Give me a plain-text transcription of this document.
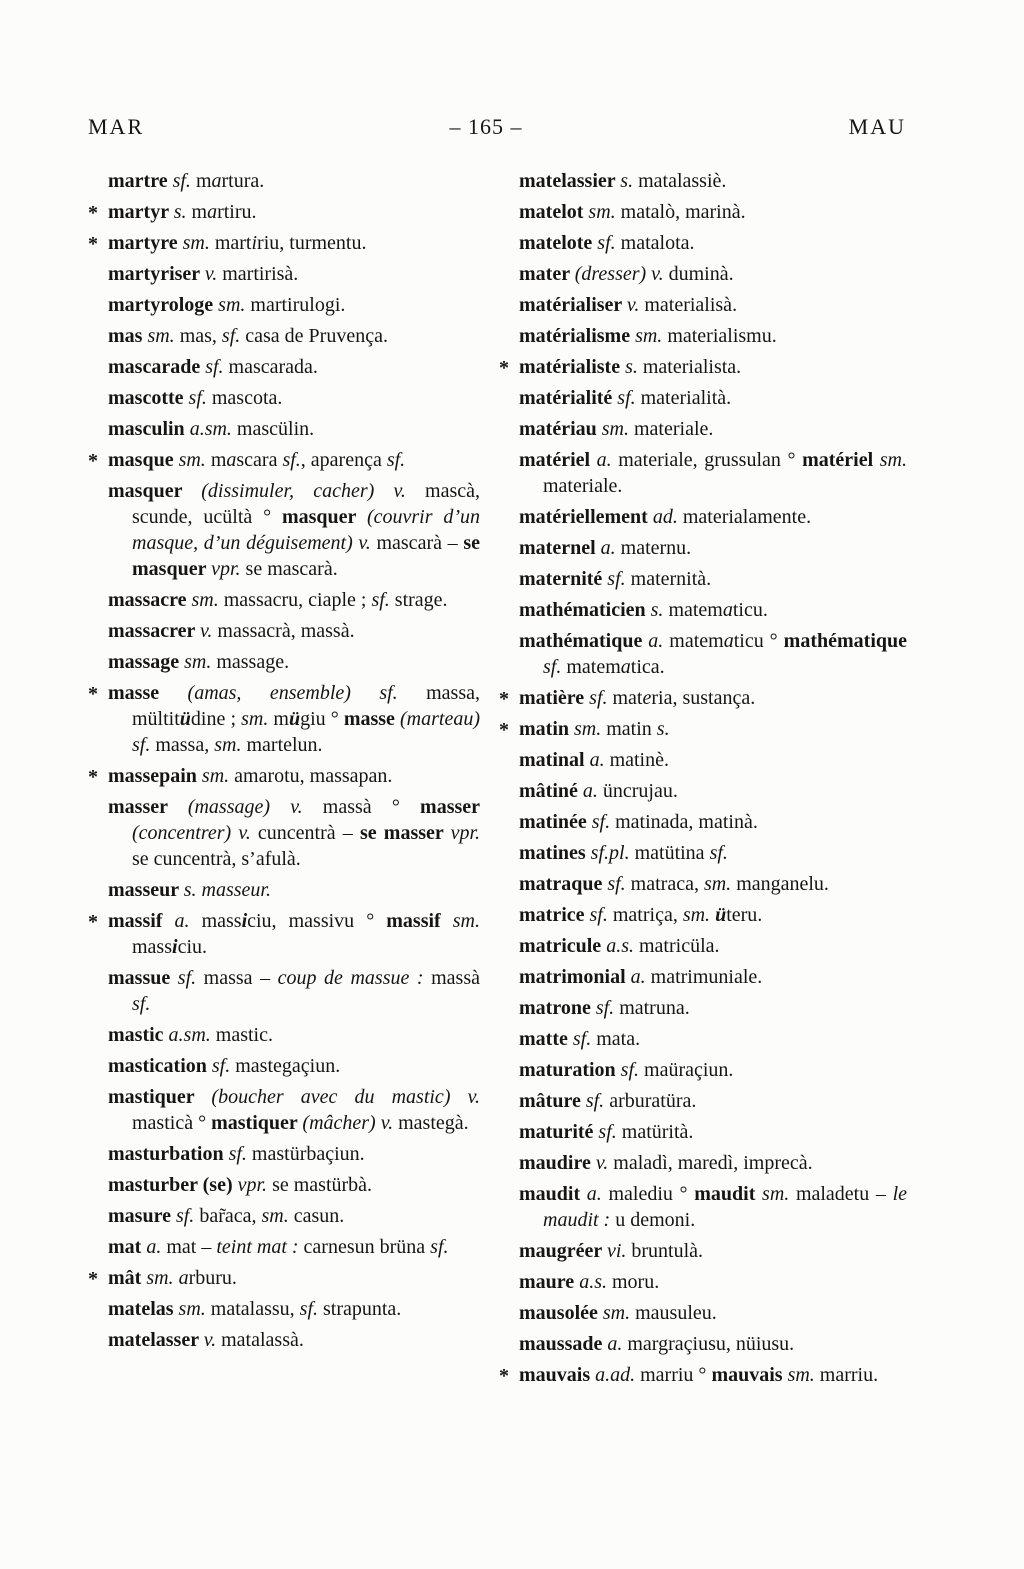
MAR	– 165 –	MAU
martre sf. martura.
* martyr s. martiru.
* martyre sm. martiriu, turmentu.
martyriser v. martirisà.
martyrologe sm. martirulogi.
mas sm. mas, sf. casa de Pruvença.
mascarade sf. mascarada.
mascotte sf. mascota.
masculin a.sm. mascülin.
* masque sm. mascara sf., aparença sf.
masquer (dissimuler, cacher) v. mascà, scunde, ucültà ° masquer (couvrir d’un masque, d’un déguisement) v. mascarà – se masquer vpr. se mascarà.
massacre sm. massacru, ciaple ; sf. strage.
massacrer v. massacrà, massà.
massage sm. massage.
* masse (amas, ensemble) sf. massa, mültitüdine ; sm. mügiu ° masse (marteau) sf. massa, sm. martelun.
* massepain sm. amarotu, massapan.
masser (massage) v. massà ° masser (concentrer) v. cuncentrà – se masser vpr. se cuncentrà, s’afulà.
masseur s. masseur.
* massif a. massiciu, massivu ° massif sm. massiciu.
massue sf. massa – coup de massue : massà sf.
mastic a.sm. mastic.
mastication sf. mastegaçiun.
mastiquer (boucher avec du mastic) v. masticà ° mastiquer (mâcher) v. mastegà.
masturbation sf. mastürbaçiun.
masturber (se) vpr. se mastürbà.
masure sf. bar̃aca, sm. casun.
mat a. mat – teint mat : carnesun brüna sf.
* mât sm. arburu.
matelas sm. matalassu, sf. strapunta.
matelasser v. matalassà.
matelassier s. matalassiè.
matelot sm. matalò, marinà.
matelote sf. matalota.
mater (dresser) v. duminà.
matérialiser v. materialisà.
matérialisme sm. materialismu.
* matérialiste s. materialista.
matérialité sf. materialità.
matériau sm. materiale.
matériel a. materiale, grussulan ° matériel sm. materiale.
matériellement ad. materialamente.
maternel a. maternu.
maternité sf. maternità.
mathématicien s. matematicu.
mathématique a. matematicu ° mathématique sf. matematica.
* matière sf. materia, sustança.
* matin sm. matin s.
matinal a. matinè.
mâtiné a. üncrujau.
matinée sf. matinada, matinà.
matines sf.pl. matütina sf.
matraque sf. matraca, sm. manganelu.
matrice sf. matriça, sm. üteru.
matricule a.s. matricüla.
matrimonial a. matrimuniale.
matrone sf. matruna.
matte sf. mata.
maturation sf. maüraçiun.
mâture sf. arburatüra.
maturité sf. matürità.
maudire v. maladì, maredì, imprecà.
maudit a. malediu ° maudit sm. maladetu – le maudit : u demoni.
maugréer vi. bruntulà.
maure a.s. moru.
mausolée sm. mausuleu.
maussade a. margraçiusu, nüiusu.
* mauvais a.ad. marriu ° mauvais sm. marriu.
